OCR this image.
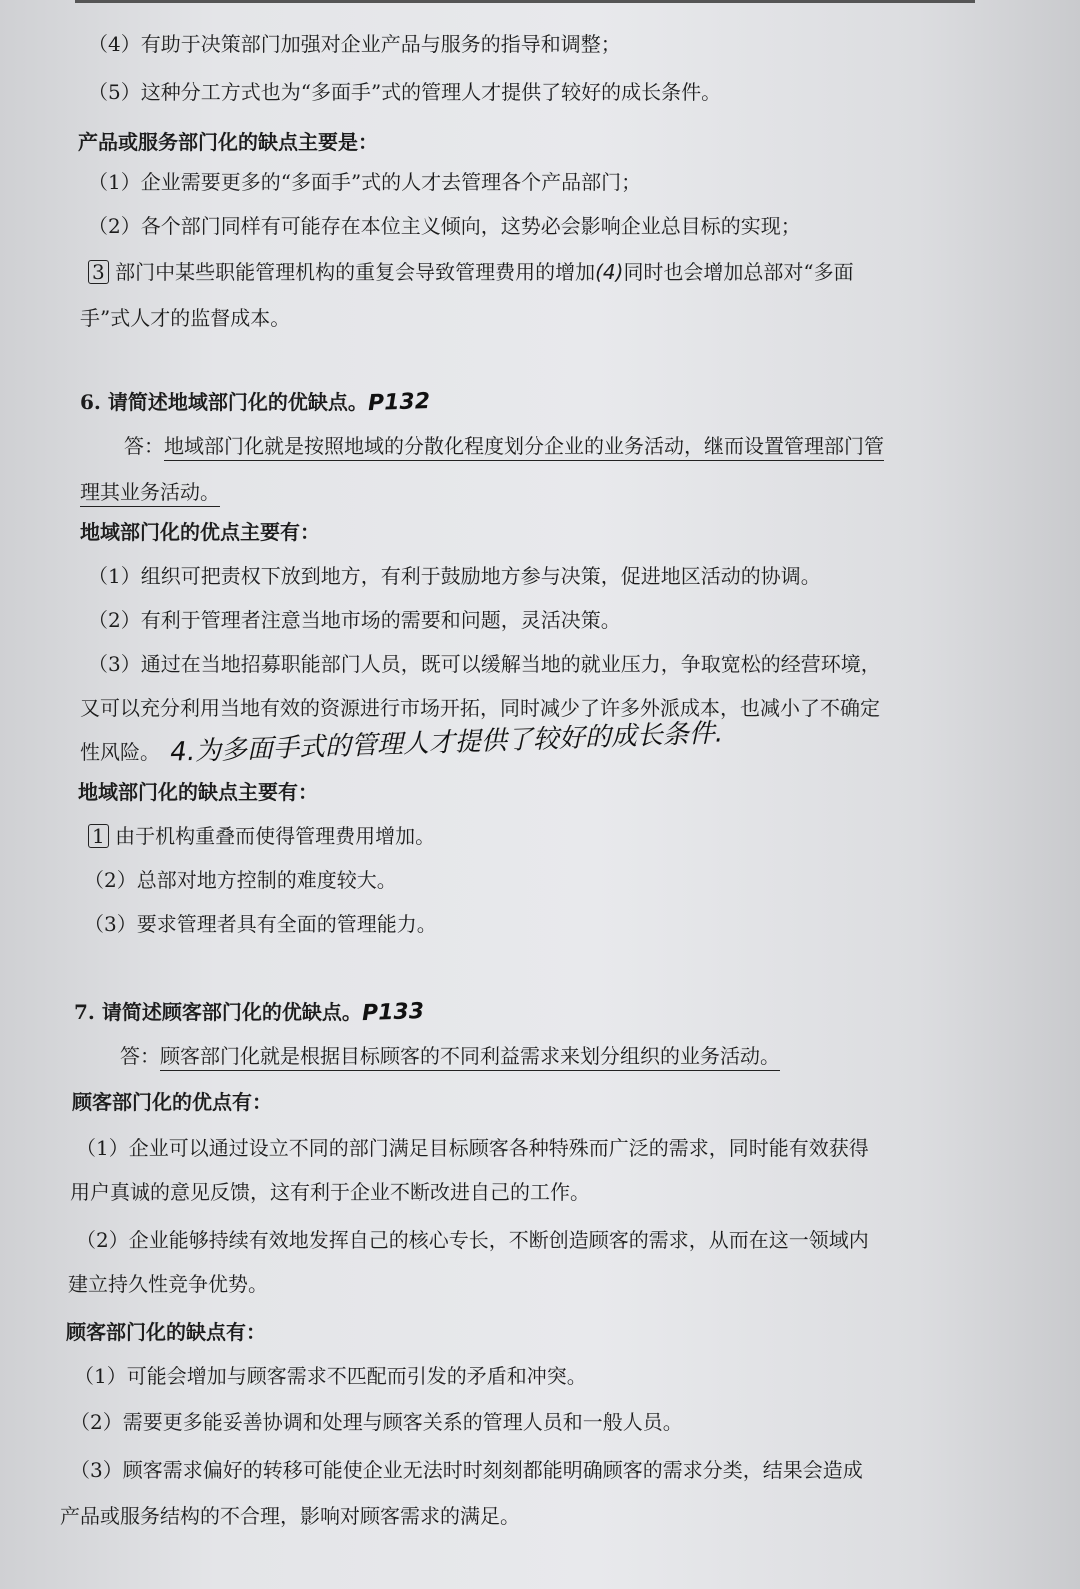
（4）有助于决策部门加强对企业产品与服务的指导和调整；
（5）这种分工方式也为“多面手”式的管理人才提供了较好的成长条件。
产品或服务部门化的缺点主要是：
（1）企业需要更多的“多面手”式的人才去管理各个产品部门；
（2）各个部门同样有可能存在本位主义倾向，这势必会影响企业总目标的实现；
3 部门中某些职能管理机构的重复会导致管理费用的增加(4)同时也会增加总部对“多面
手”式人才的监督成本。
6. 请简述地域部门化的优缺点。P132
答：地域部门化就是按照地域的分散化程度划分企业的业务活动，继而设置管理部门管
理其业务活动。
地域部门化的优点主要有：
（1）组织可把责权下放到地方，有利于鼓励地方参与决策，促进地区活动的协调。
（2）有利于管理者注意当地市场的需要和问题，灵活决策。
（3）通过在当地招募职能部门人员，既可以缓解当地的就业压力，争取宽松的经营环境，
又可以充分利用当地有效的资源进行市场开拓，同时减少了许多外派成本，也减小了不确定
性风险。 4.为多面手式的管理人才提供了较好的成长条件.
地域部门化的缺点主要有：
1 由于机构重叠而使得管理费用增加。
（2）总部对地方控制的难度较大。
（3）要求管理者具有全面的管理能力。
7. 请简述顾客部门化的优缺点。P133
答：顾客部门化就是根据目标顾客的不同利益需求来划分组织的业务活动。
顾客部门化的优点有：
（1）企业可以通过设立不同的部门满足目标顾客各种特殊而广泛的需求，同时能有效获得
用户真诚的意见反馈，这有利于企业不断改进自己的工作。
（2）企业能够持续有效地发挥自己的核心专长，不断创造顾客的需求，从而在这一领域内
建立持久性竞争优势。
顾客部门化的缺点有：
（1）可能会增加与顾客需求不匹配而引发的矛盾和冲突。
（2）需要更多能妥善协调和处理与顾客关系的管理人员和一般人员。
（3）顾客需求偏好的转移可能使企业无法时时刻刻都能明确顾客的需求分类，结果会造成
产品或服务结构的不合理，影响对顾客需求的满足。
